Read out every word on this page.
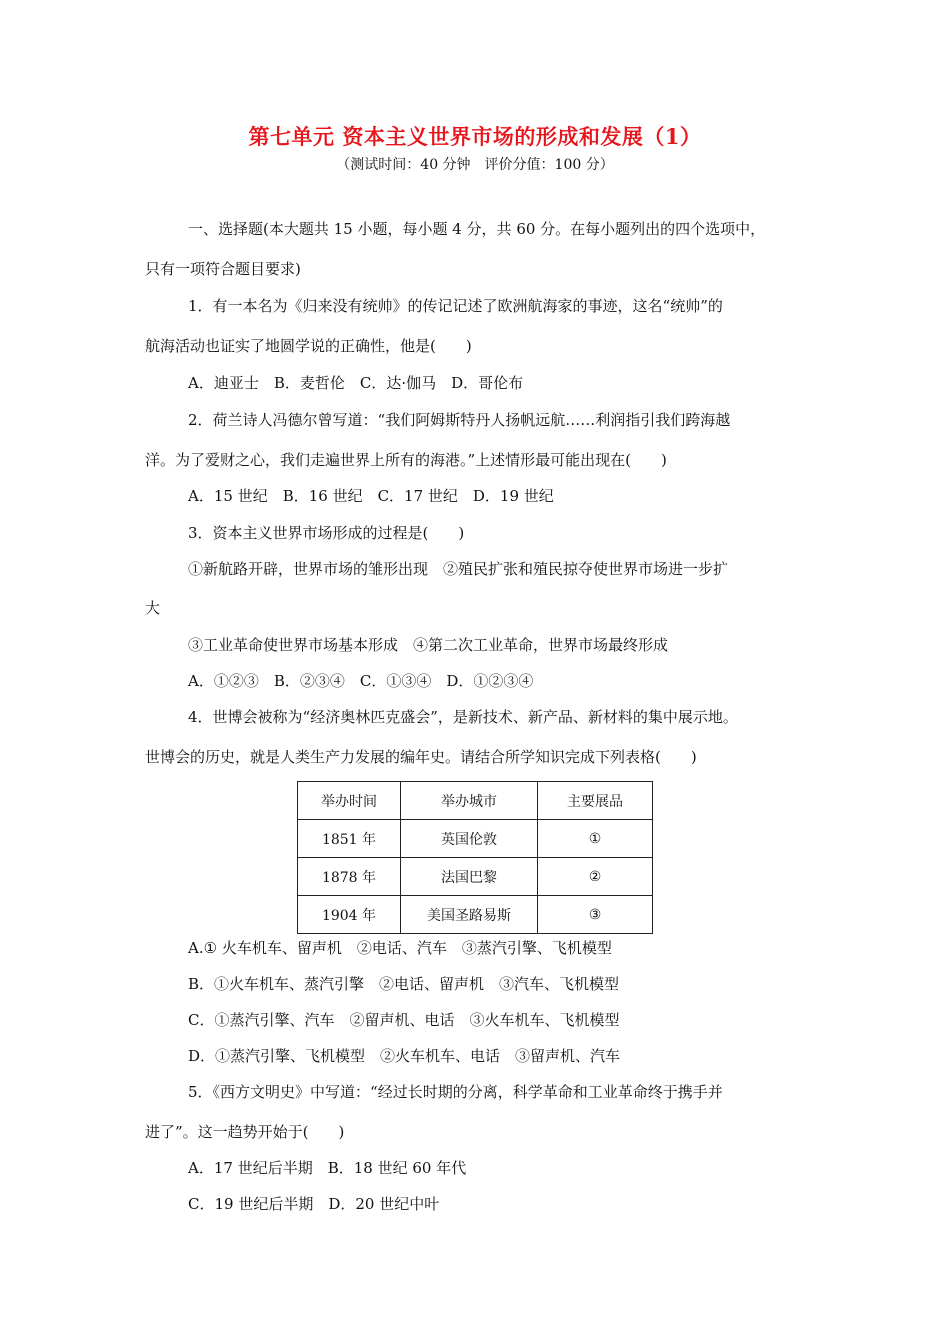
第七单元 资本主义世界市场的形成和发展（1）
（测试时间：40 分钟　评价分值：100 分）
一、选择题(本大题共 15 小题，每小题 4 分，共 60 分。在每小题列出的四个选项中，
只有一项符合题目要求)
1．有一本名为《归来没有统帅》的传记记述了欧洲航海家的事迹，这名“统帅”的
航海活动也证实了地圆学说的正确性，他是(　　)
A．迪亚士　B．麦哲伦　C．达·伽马　D．哥伦布
2．荷兰诗人冯德尔曾写道：“我们阿姆斯特丹人扬帆远航……利润指引我们跨海越
洋。为了爱财之心，我们走遍世界上所有的海港。”上述情形最可能出现在(　　)
A．15 世纪　B．16 世纪　C．17 世纪　D．19 世纪
3．资本主义世界市场形成的过程是(　　)
①新航路开辟，世界市场的雏形出现　②殖民扩张和殖民掠夺使世界市场进一步扩
大
③工业革命使世界市场基本形成　④第二次工业革命，世界市场最终形成
A．①②③　B．②③④　C．①③④　D．①②③④
4．世博会被称为“经济奥林匹克盛会”，是新技术、新产品、新材料的集中展示地。
世博会的历史，就是人类生产力发展的编年史。请结合所学知识完成下列表格(　　)
举办时间	举办城市	主要展品
1851 年	英国伦敦	①
1878 年	法国巴黎	②
1904 年	美国圣路易斯	③
A.① 火车机车、留声机　②电话、汽车　③蒸汽引擎、飞机模型
B．①火车机车、蒸汽引擎　②电话、留声机　③汽车、飞机模型
C．①蒸汽引擎、汽车　②留声机、电话　③火车机车、飞机模型
D．①蒸汽引擎、飞机模型　②火车机车、电话　③留声机、汽车
5．《西方文明史》中写道：“经过长时期的分离，科学革命和工业革命终于携手并
进了”。这一趋势开始于(　　)
A．17 世纪后半期　B．18 世纪 60 年代
C．19 世纪后半期　D．20 世纪中叶
